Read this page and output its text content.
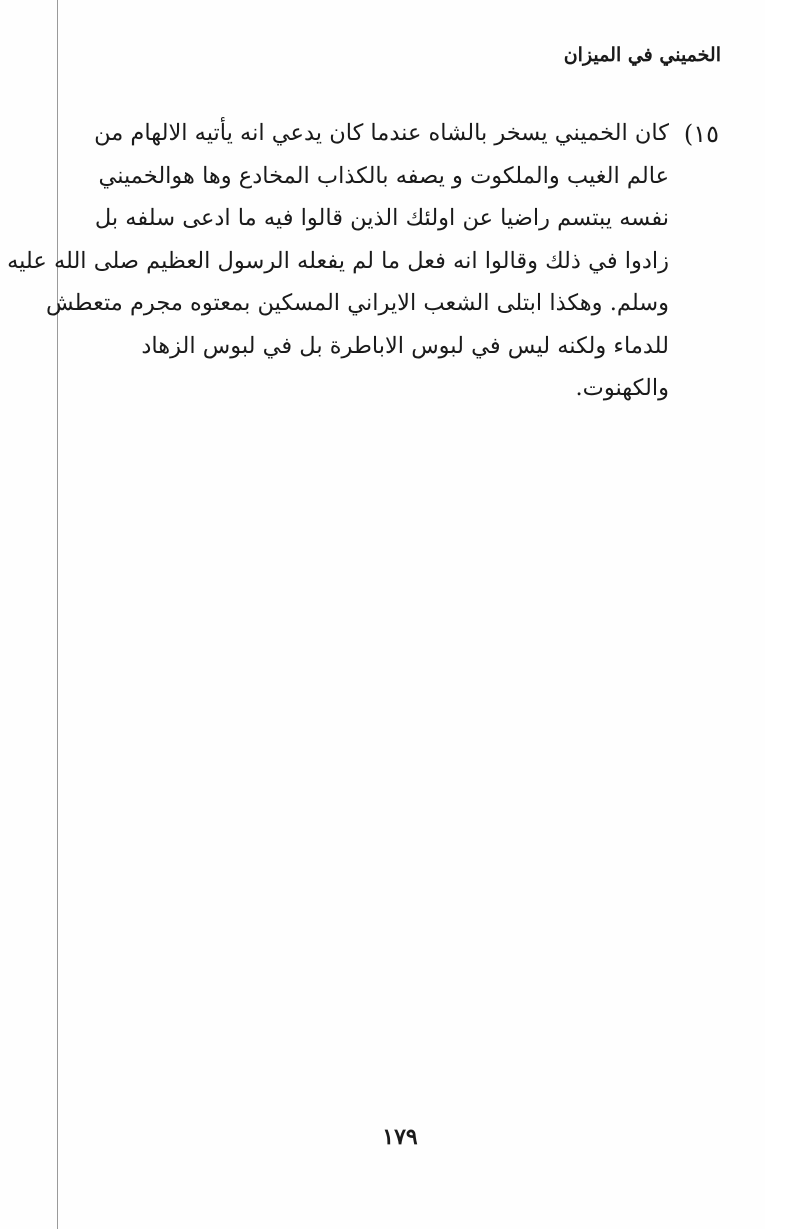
الخميني في الميزان
١٥)
كان الخميني يسخر بالشاه عندما كان يدعي انه يأتيه الالهام من
عالم الغيب والملكوت و يصفه بالكذاب المخادع وها هوالخميني
نفسه يبتسم راضيا عن اولئك الذين قالوا فيه ما ادعى سلفه بل
زادوا في ذلك وقالوا انه فعل ما لم يفعله الرسول العظيم صلى الله عليه
وسلم. وهكذا ابتلى الشعب الايراني المسكين بمعتوه مجرم متعطش
للدماء ولكنه ليس في لبوس الاباطرة بل في لبوس الزهاد
والكهنوت.
١٧٩
